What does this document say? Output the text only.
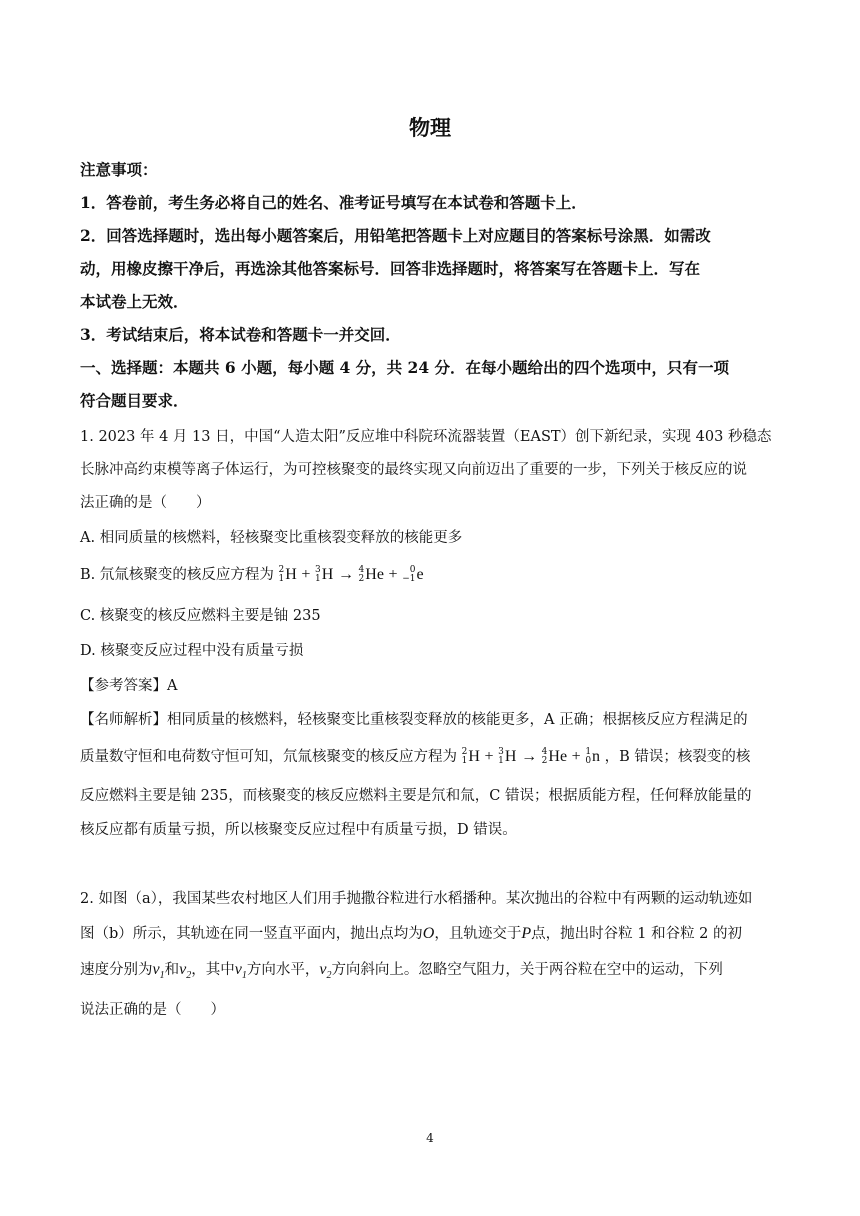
物理
注意事项：
1．答卷前，考生务必将自己的姓名、准考证号填写在本试卷和答题卡上．
2．回答选择题时，选出每小题答案后，用铅笔把答题卡上对应题目的答案标号涂黑．如需改
动，用橡皮擦干净后，再选涂其他答案标号．回答非选择题时，将答案写在答题卡上．写在
本试卷上无效．
3．考试结束后，将本试卷和答题卡一并交回．
一、选择题：本题共 6 小题，每小题 4 分，共 24 分．在每小题给出的四个选项中，只有一项
符合题目要求．
1. 2023 年 4 月 13 日，中国“人造太阳”反应堆中科院环流器装置（EAST）创下新纪录，实现 403 秒稳态
长脉冲高约束模等离子体运行，为可控核聚变的最终实现又向前迈出了重要的一步，下列关于核反应的说
法正确的是（　　）
A. 相同质量的核燃料，轻核聚变比重核裂变释放的核能更多
B. 氘氚核聚变的核反应方程为 2
1 H + 3
1 H → 4
2 He +	0
−1 e
C. 核聚变的核反应燃料主要是铀 235
D. 核聚变反应过程中没有质量亏损
【参考答案】A
【名师解析】相同质量的核燃料，轻核聚变比重核裂变释放的核能更多，A 正确；根据核反应方程满足的
质量数守恒和电荷数守恒可知，氘氚核聚变的核反应方程为 2
1 H + 3
1 H → 4
2 He + 1
0 n ，B 错误；核裂变的核
反应燃料主要是铀 235，而核聚变的核反应燃料主要是氘和氚，C 错误；根据质能方程，任何释放能量的
核反应都有质量亏损，所以核聚变反应过程中有质量亏损，D 错误。
2. 如图（a），我国某些农村地区人们用手抛撒谷粒进行水稻播种。某次抛出的谷粒中有两颗的运动轨迹如
图（b）所示，其轨迹在同一竖直平面内，抛出点均为O，且轨迹交于P点，抛出时谷粒 1 和谷粒 2 的初
速度分别为$v_1$和$v_2$，其中$v_1$方向水平，$v_2$方向斜向上。忽略空气阻力，关于两谷粒在空中的运动，下列
说法正确的是（　　）
4
